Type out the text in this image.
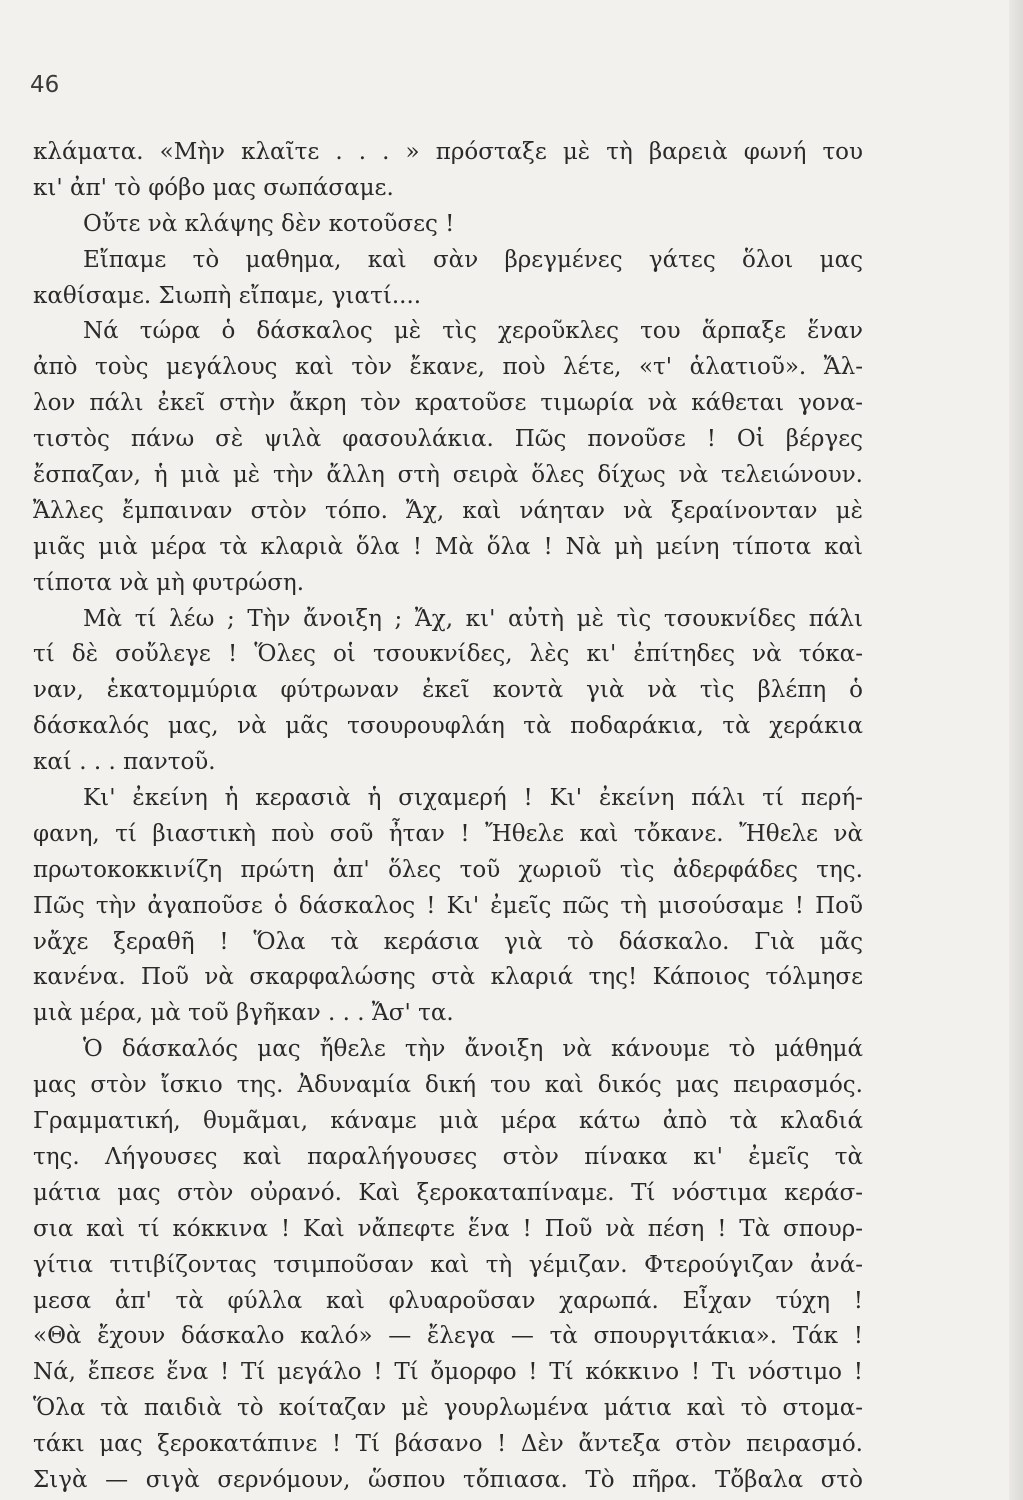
46
κλάματα. «Μὴν κλαῖτε . . . » πρόσταξε μὲ τὴ βαρειὰ φωνή του
κι' ἀπ' τὸ φόβο μας σωπάσαμε.
Οὔτε νὰ κλάψης δὲν κοτοῦσες !
Εἴπαμε τὸ μαθημα, καὶ σὰν βρεγμένες γάτες ὅλοι μας
καθίσαμε. Σιωπὴ εἴπαμε, γιατί....
Νά τώρα ὁ δάσκαλος μὲ τὶς χεροῦκλες του ἅρπαξε ἕναν
ἀπὸ τοὺς μεγάλους καὶ τὸν ἔκανε, ποὺ λέτε, «τ' ἁλατιοῦ». Ἄλ-
λον πάλι ἐκεῖ στὴν ἄκρη τὸν κρατοῦσε τιμωρία νὰ κάθεται γονα-
τιστὸς πάνω σὲ ψιλὰ φασουλάκια. Πῶς πονοῦσε ! Οἱ βέργες
ἔσπαζαν, ἡ μιὰ μὲ τὴν ἄλλη στὴ σειρὰ ὅλες δίχως νὰ τελειώνουν.
Ἄλλες ἔμπαιναν στὸν τόπο. Ἄχ, καὶ νάηταν νὰ ξεραίνονταν μὲ
μιᾶς μιὰ μέρα τὰ κλαριὰ ὅλα ! Μὰ ὅλα ! Νὰ μὴ μείνη τίποτα καὶ
τίποτα νὰ μὴ φυτρώση.
Μὰ τί λέω ; Τὴν ἄνοιξη ; Ἄχ, κι' αὐτὴ μὲ τὶς τσουκνίδες πάλι
τί δὲ σοὔλεγε ! Ὅλες οἱ τσουκνίδες, λὲς κι' ἐπίτηδες νὰ τόκα-
ναν, ἑκατομμύρια φύτρωναν ἐκεῖ κοντὰ γιὰ νὰ τὶς βλέπη ὁ
δάσκαλός μας, νὰ μᾶς τσουρουφλάη τὰ ποδαράκια, τὰ χεράκια
καί . . . παντοῦ.
Κι' ἐκείνη ἡ κερασιὰ ἡ σιχαμερή ! Κι' ἐκείνη πάλι τί περή-
φανη, τί βιαστικὴ ποὺ σοῦ ἦταν ! Ἤθελε καὶ τὄκανε. Ἤθελε νὰ
πρωτοκοκκινίζη πρώτη ἀπ' ὅλες τοῦ χωριοῦ τὶς ἀδερφάδες της.
Πῶς τὴν ἀγαποῦσε ὁ δάσκαλος ! Κι' ἐμεῖς πῶς τὴ μισούσαμε ! Ποῦ
νἄχε ξεραθῆ ! Ὅλα τὰ κεράσια γιὰ τὸ δάσκαλο. Γιὰ μᾶς
κανένα. Ποῦ νὰ σκαρφαλώσης στὰ κλαριά της! Κάποιος τόλμησε
μιὰ μέρα, μὰ τοῦ βγῆκαν . . . Ἄσ' τα.
Ὁ δάσκαλός μας ἤθελε τὴν ἄνοιξη νὰ κάνουμε τὸ μάθημά
μας στὸν ἴσκιο της. Ἀδυναμία δική του καὶ δικός μας πειρασμός.
Γραμματική, θυμᾶμαι, κάναμε μιὰ μέρα κάτω ἀπὸ τὰ κλαδιά
της. Λήγουσες καὶ παραλήγουσες στὸν πίνακα κι' ἐμεῖς τὰ
μάτια μας στὸν οὐρανό. Καὶ ξεροκαταπίναμε. Τί νόστιμα κεράσ-
σια καὶ τί κόκκινα ! Καὶ νἄπεφτε ἕνα ! Ποῦ νὰ πέση ! Τὰ σπουρ-
γίτια τιτιβίζοντας τσιμποῦσαν καὶ τὴ γέμιζαν. Φτερούγιζαν ἀνά-
μεσα ἀπ' τὰ φύλλα καὶ φλυαροῦσαν χαρωπά. Εἶχαν τύχη !
«Θὰ ἔχουν δάσκαλο καλό» — ἔλεγα — τὰ σπουργιτάκια». Τάκ !
Νά, ἔπεσε ἕνα ! Τί μεγάλο ! Τί ὄμορφο ! Τί κόκκινο ! Τι νόστιμο !
Ὅλα τὰ παιδιὰ τὸ κοίταζαν μὲ γουρλωμένα μάτια καὶ τὸ στομα-
τάκι μας ξεροκατάπινε ! Τί βάσανο ! Δὲν ἄντεξα στὸν πειρασμό.
Σιγὰ — σιγὰ σερνόμουν, ὥσπου τὄπιασα. Τὸ πῆρα. Τὄβαλα στὸ
